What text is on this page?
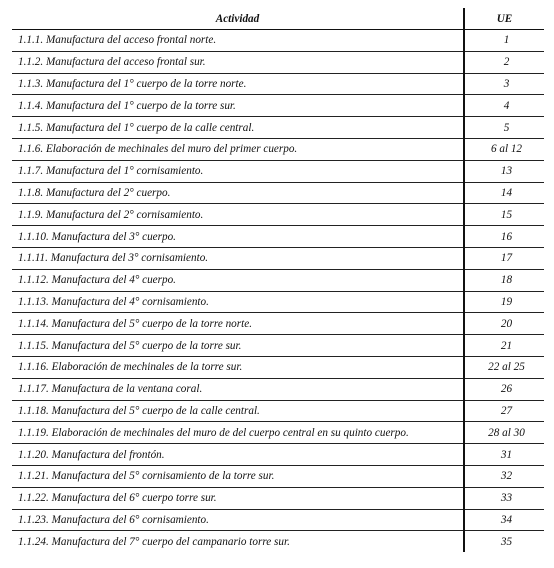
Actividad	UE
1.1.1. Manufactura del acceso frontal norte.	1
1.1.2. Manufactura del acceso frontal sur.	2
1.1.3. Manufactura del 1° cuerpo de la torre norte.	3
1.1.4. Manufactura del 1° cuerpo de la torre sur.	4
1.1.5. Manufactura del 1° cuerpo de la calle central.	5
1.1.6. Elaboración de mechinales del muro del primer cuerpo.	6 al 12
1.1.7. Manufactura del 1° cornisamiento.	13
1.1.8. Manufactura del 2° cuerpo.	14
1.1.9. Manufactura del 2° cornisamiento.	15
1.1.10. Manufactura del 3° cuerpo.	16
1.1.11. Manufactura del 3° cornisamiento.	17
1.1.12. Manufactura del 4° cuerpo.	18
1.1.13. Manufactura del 4° cornisamiento.	19
1.1.14. Manufactura del 5° cuerpo de la torre norte.	20
1.1.15. Manufactura del 5° cuerpo de la torre sur.	21
1.1.16. Elaboración de mechinales de la torre sur.	22 al 25
1.1.17. Manufactura de la ventana coral.	26
1.1.18. Manufactura del 5° cuerpo de la calle central.	27
1.1.19. Elaboración de mechinales del muro de del cuerpo central en su quinto cuerpo.	28 al 30
1.1.20. Manufactura del frontón.	31
1.1.21. Manufactura del 5° cornisamiento de la torre sur.	32
1.1.22. Manufactura del 6° cuerpo torre sur.	33
1.1.23. Manufactura del 6° cornisamiento.	34
1.1.24. Manufactura del 7° cuerpo del campanario torre sur.	35
